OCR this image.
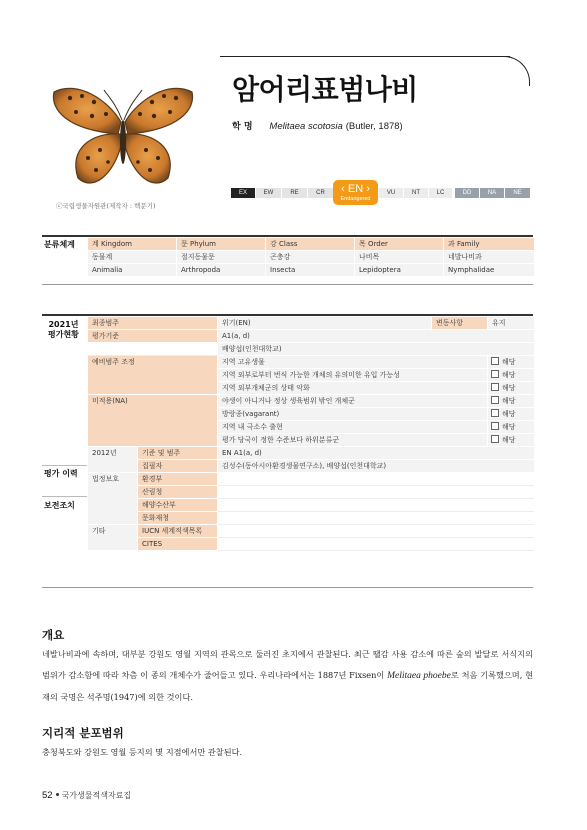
ⓒ국립생물자원관(제작자 : 백문기)
암어리표범나비
학 명 Melitaea scotosia (Butler, 1878)
EX	EW	RE	CR	VU	NT	LC	DD	NA	NE
‹ EN ›
Endangered
분류체계 계 Kingdom	문 Phylum	강 Class	목 Order	과 Family
동물계	절지동물문	곤충강	나비목	네발나비과
Animalia	Arthropoda	Insecta	Lepidoptera	Nymphalidae
2021년
평가현황
평가 이력
보전조치
최종범주		위기(EN)	변동사항	유지
평가기준		A1(a, d)		
		배양섭(인천대학교)		
예비범주 조정		지역 고유생물		해당
		지역 외부로부터 번식 가능한 개체의 유의미한 유입 가능성		해당
		지역 외부개체군의 상태 악화		해당
미적용(NA)		야생이 아니거나 정상 생육범위 밖인 개체군		해당
		방랑종(vagarant)		해당
		지역 내 극소수 출현		해당
		평가 당국이 정한 수준보다 하위분류군		해당
2012년	기준 및 범주	EN A1(a, d)		
	집필자	김성수(동아시아환경생물연구소), 배양섭(인천대학교)		
법정보호	환경부			
	산림청			
	해양수산부			
	문화재청			
기타	IUCN 세계적색목록			
	CITES			
개요

네발나비과에 속하며, 대부분 강원도 영월 지역의 관목으로 둘러진 초지에서 관찰된다. 최근 땔감 사용 감소에 따른 숲의 발달로 서식지의 범위가 감소함에 따라 차츰 이 종의 개체수가 줄어들고 있다. 우리나라에서는 1887년 Fixsen이 Melitaea phoebe로 처음 기록했으며, 현재의 국명은 석주명(1947)에 의한 것이다.

지리적 분포범위

충청북도와 강원도 영월 등지의 몇 지점에서만 관찰된다.

52 국가생물적색자료집
